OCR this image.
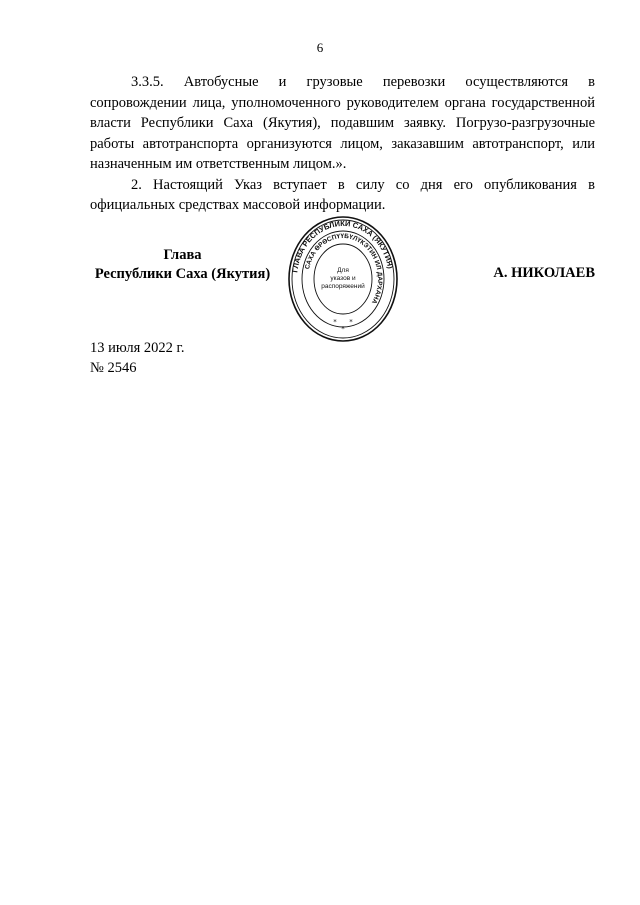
6

3.3.5. Автобусные и грузовые перевозки осуществляются в сопровождении лица, уполномоченного руководителем органа государственной власти Республики Саха (Якутия), подавшим заявку. Погрузо-разгрузочные работы автотранспорта организуются лицом, заказавшим автотранспорт, или назначенным им ответственным лицом.».

2. Настоящий Указ вступает в силу со дня его опубликования в официальных средствах массовой информации.

Глава
Республики Саха (Якутия)	ГЛАВА РЕСПУБЛИКИ САХА (ЯКУТИЯ)
САХА ӨРӨСПҮҮБҮЛҮКЭТИН ИЛ ДАРХАНА
Для
указов и
распоряжений
* *
*
А. НИКОЛАЕВ
13 июля 2022 г.
№ 2546
